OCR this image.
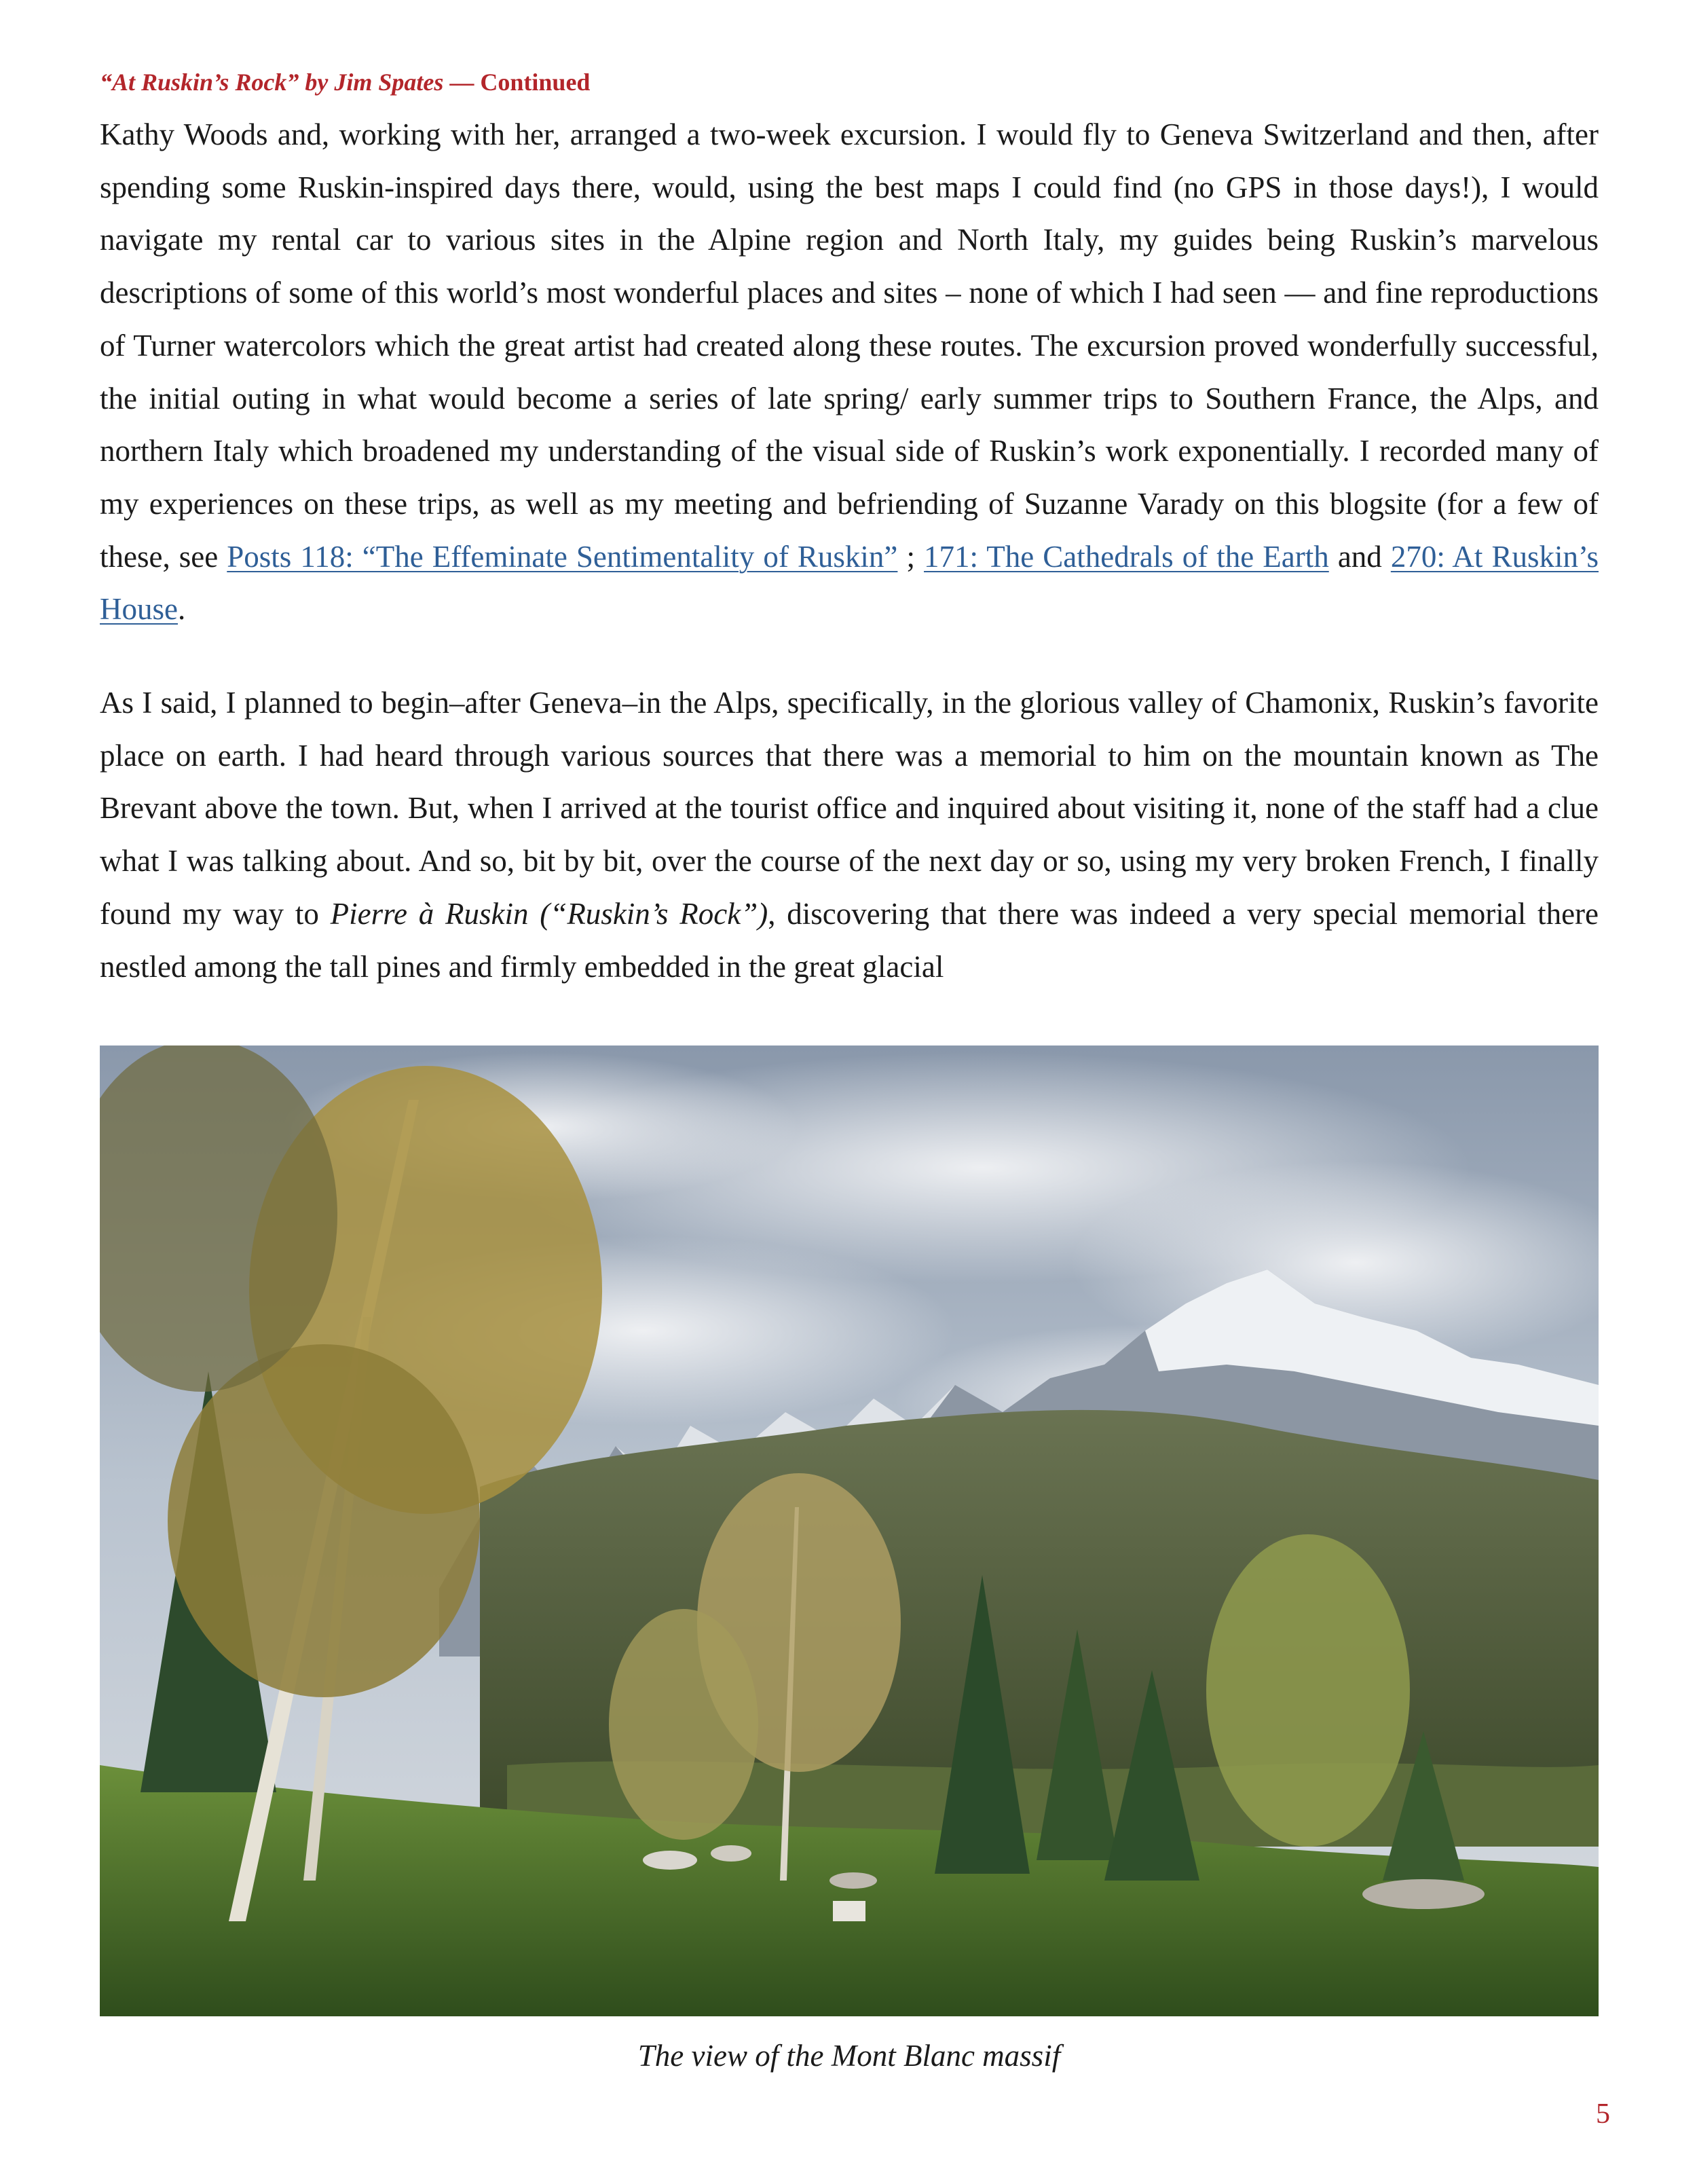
“At Ruskin’s Rock” by Jim Spates — Continued

Kathy Woods and, working with her, arranged a two-week excursion. I would fly to Geneva Switzerland and then, after spending some Ruskin-inspired days there, would, using the best maps I could find (no GPS in those days!), I would navigate my rental car to various sites in the Alpine region and North Italy, my guides being Ruskin’s marvelous descriptions of some of this world’s most wonderful places and sites – none of which I had seen — and fine reproductions of Turner watercolors which the great artist had created along these routes. The excursion proved wonderfully successful, the initial outing in what would become a series of late spring/ early summer trips to Southern France, the Alps, and northern Italy which broadened my understanding of the visual side of Ruskin’s work exponentially. I recorded many of my experiences on these trips, as well as my meeting and befriending of Suzanne Varady on this blogsite (for a few of these, see Posts 118: “The Effeminate Sentimentality of Ruskin” ; 171: The Cathedrals of the Earth and 270: At Ruskin’s House.

As I said, I planned to begin–after Geneva–in the Alps, specifically, in the glorious valley of Chamonix, Ruskin’s favorite place on earth. I had heard through various sources that there was a memorial to him on the mountain known as The Brevant above the town. But, when I arrived at the tourist office and inquired about visiting it, none of the staff had a clue what I was talking about. And so, bit by bit, over the course of the next day or so, using my very broken French, I finally found my way to Pierre à Ruskin (“Ruskin’s Rock”), discovering that there was indeed a very special memorial there nestled among the tall pines and firmly embedded in the great glacial

The view of the Mont Blanc massif
5
